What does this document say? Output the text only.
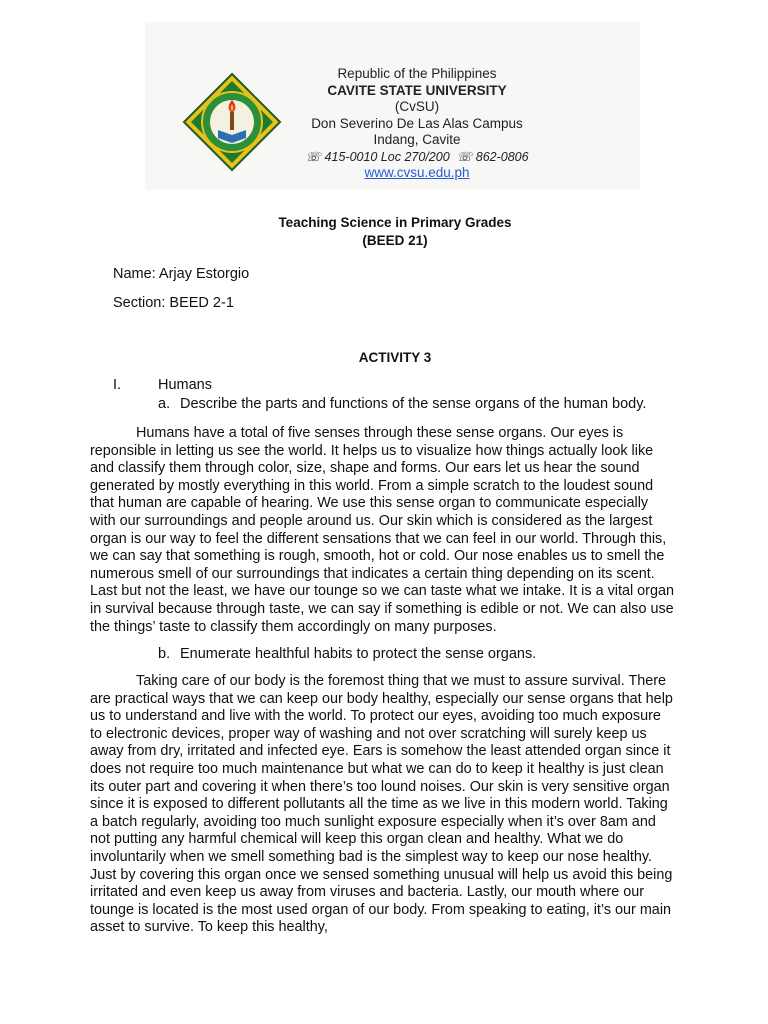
Republic of the Philippines
CAVITE STATE UNIVERSITY
(CvSU)
Don Severino De Las Alas Campus
Indang, Cavite
☏ 415-0010 Loc 270/200 ☏ 862-0806
www.cvsu.edu.ph
Teaching Science in Primary Grades
(BEED 21)
Name: Arjay Estorgio
Section: BEED 2-1
ACTIVITY 3
I.	Humans
a. Describe the parts and functions of the sense organs of the human body.

Humans have a total of five senses through these sense organs. Our eyes is reponsible in letting us see the world. It helps us to visualize how things actually look like and classify them through color, size, shape and forms. Our ears let us hear the sound generated by mostly everything in this world. From a simple scratch to the loudest sound that human are capable of hearing. We use this sense organ to communicate especially with our surroundings and people around us. Our skin which is considered as the largest organ is our way to feel the different sensations that we can feel in our world. Through this, we can say that something is rough, smooth, hot or cold. Our nose enables us to smell the numerous smell of our surroundings that indicates a certain thing depending on its scent. Last but not the least, we have our tounge so we can taste what we intake. It is a vital organ in survival because through taste, we can say if something is edible or not. We can also use the things’ taste to classify them accordingly on many purposes.

b. Enumerate healthful habits to protect the sense organs.

Taking care of our body is the foremost thing that we must to assure survival. There are practical ways that we can keep our body healthy, especially our sense organs that help us to understand and live with the world. To protect our eyes, avoiding too much exposure to electronic devices, proper way of washing and not over scratching will surely keep us away from dry, irritated and infected eye. Ears is somehow the least attended organ since it does not require too much maintenance but what we can do to keep it healthy is just clean its outer part and covering it when there’s too lound noises. Our skin is very sensitive organ since it is exposed to different pollutants all the time as we live in this modern world. Taking a batch regularly, avoiding too much sunlight exposure especially when it’s over 8am and not putting any harmful chemical will keep this organ clean and healthy. What we do involuntarily when we smell something bad is the simplest way to keep our nose healthy. Just by covering this organ once we sensed something unusual will help us avoid this being irritated and even keep us away from viruses and bacteria. Lastly, our mouth where our tounge is located is the most used organ of our body. From speaking to eating, it’s our main asset to survive. To keep this healthy,
